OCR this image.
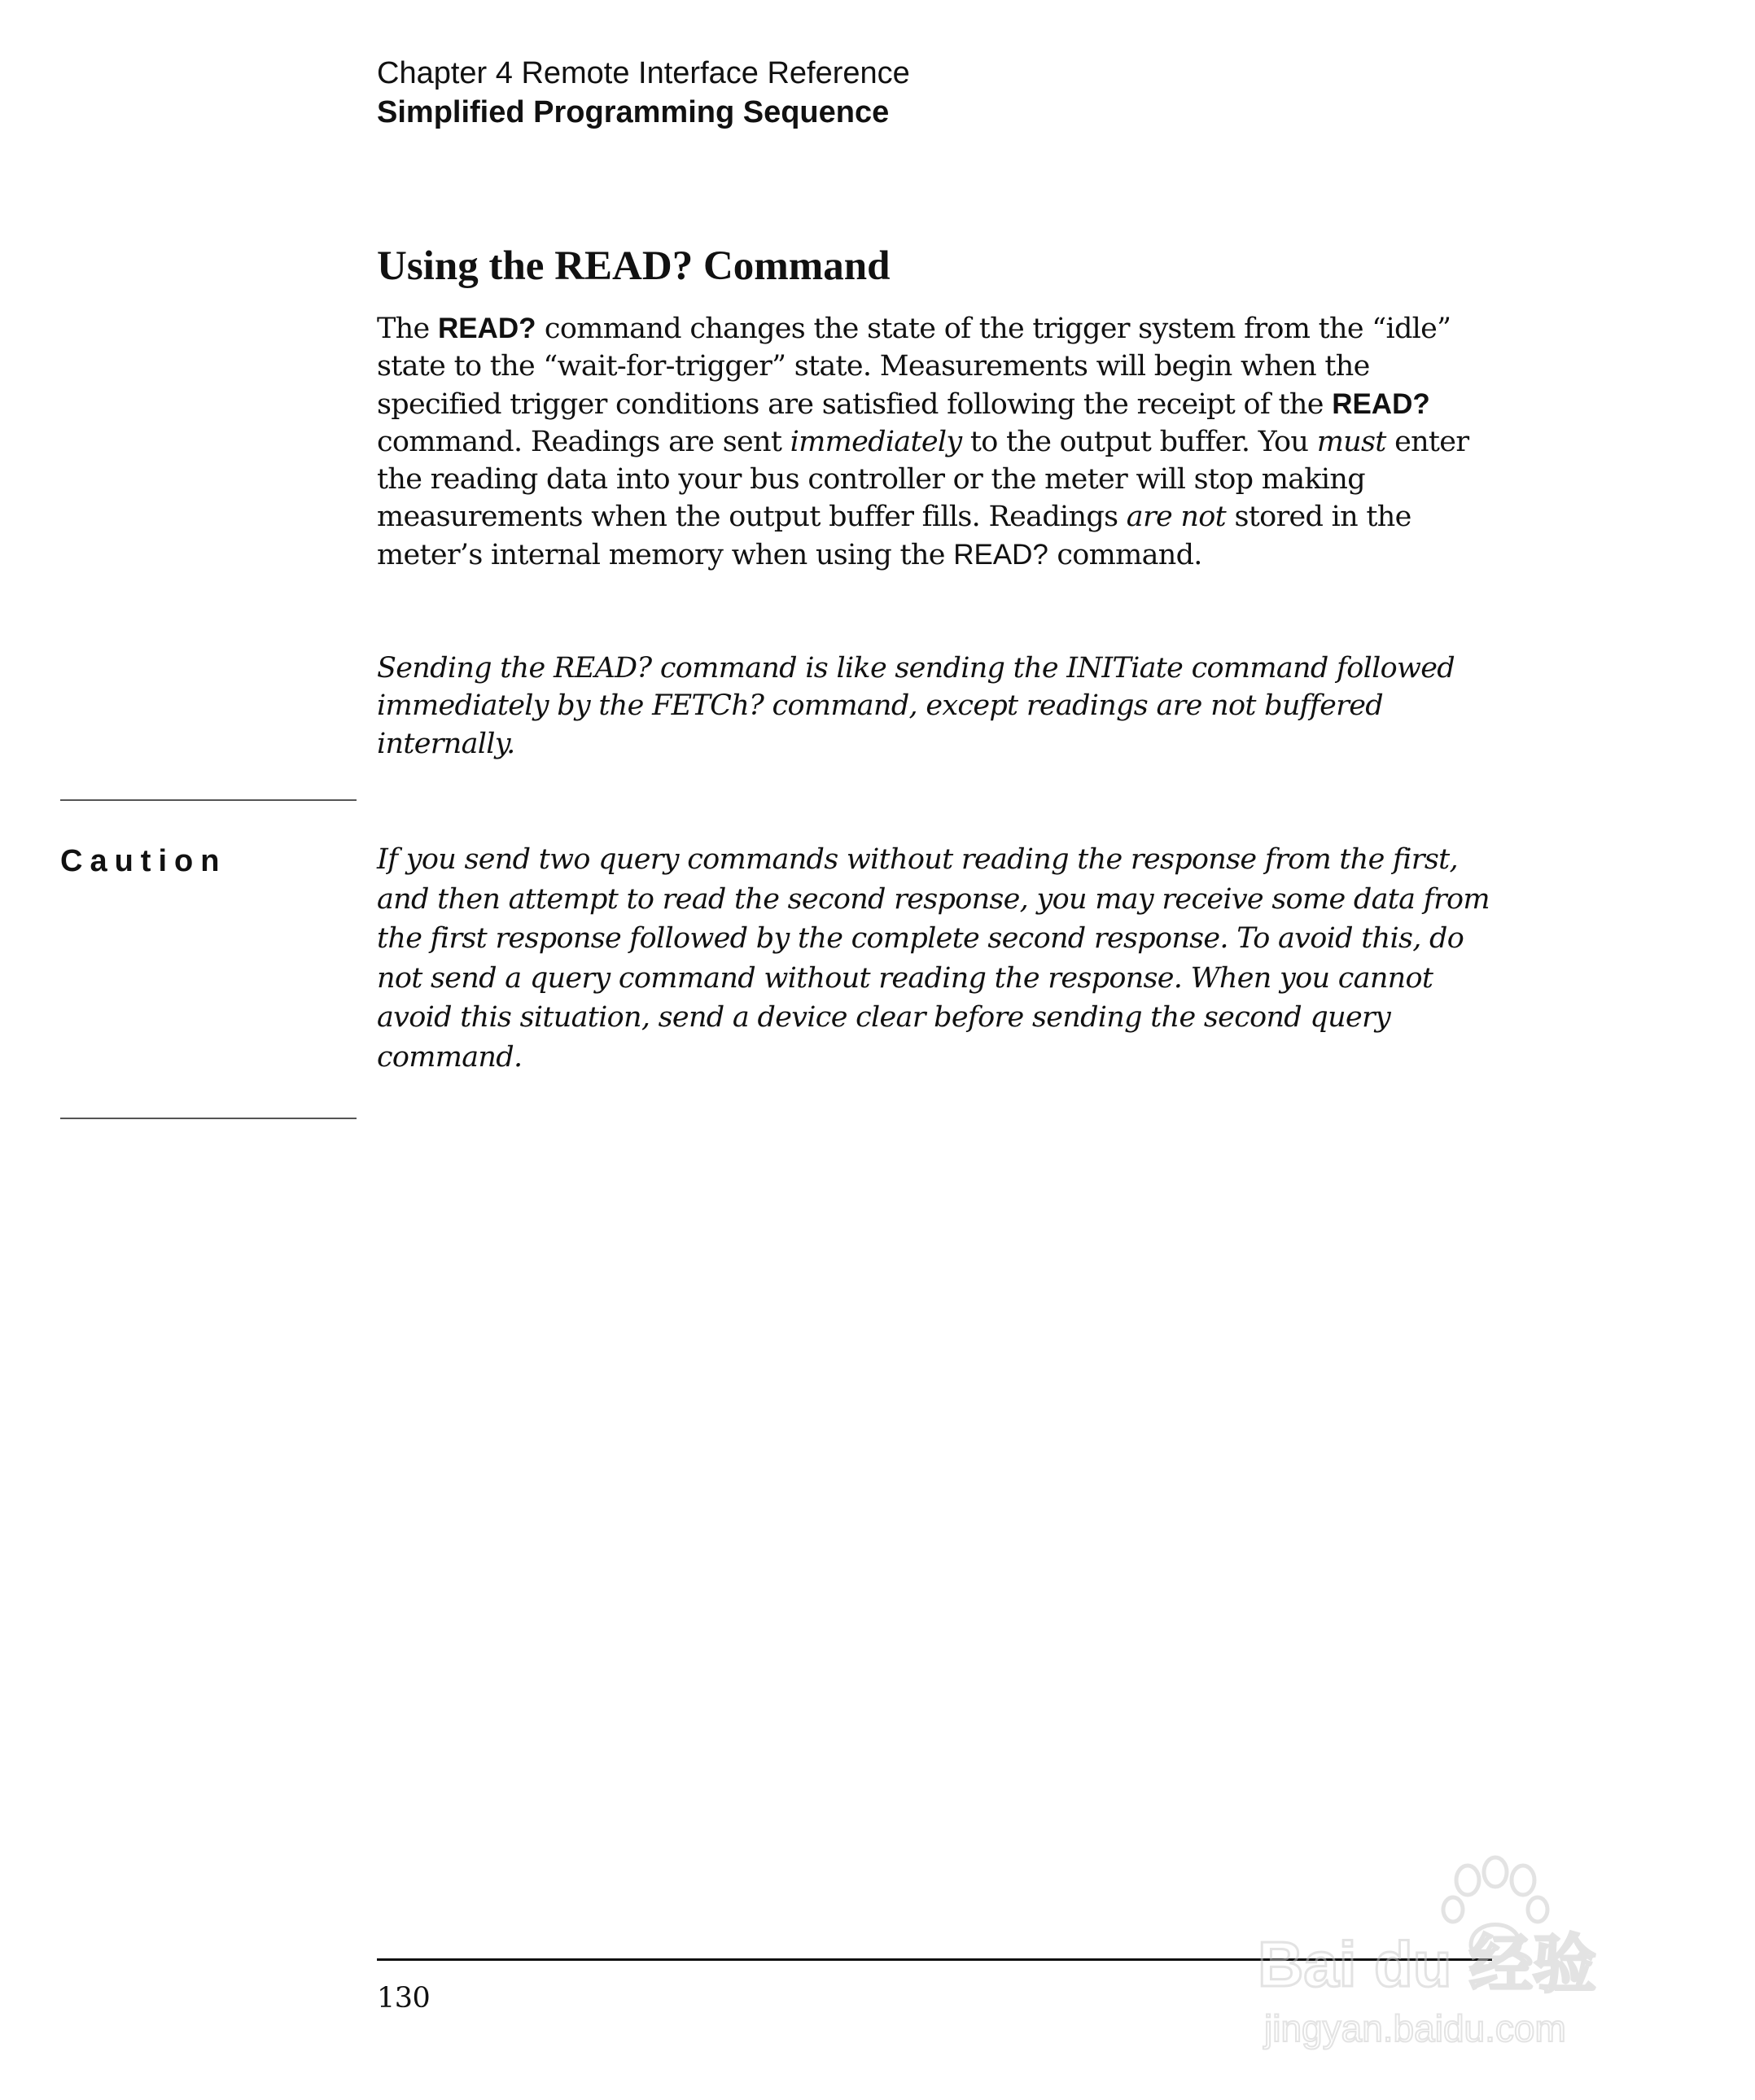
Chapter 4 Remote Interface Reference
Simplified Programming Sequence
Using the READ? Command

The READ? command changes the state of the trigger system from the “idle” state to the “wait-for-trigger” state. Measurements will begin when the specified trigger conditions are satisfied following the receipt of the READ? command. Readings are sent immediately to the output buffer. You must enter the reading data into your bus controller or the meter will stop making measurements when the output buffer fills. Readings are not stored in the meter’s internal memory when using the READ? command.

Sending the READ? command is like sending the INITiate command followed immediately by the FETCh? command, except readings are not buffered internally.

Caution	If you send two query commands without reading the response from the first, and then attempt to read the second response, you may receive some data from the first response followed by the complete second response. To avoid this, do not send a query command without reading the response. When you cannot avoid this situation, send a device clear before sending the second query command.

130	Bai du 经验
jingyan.baidu.com
